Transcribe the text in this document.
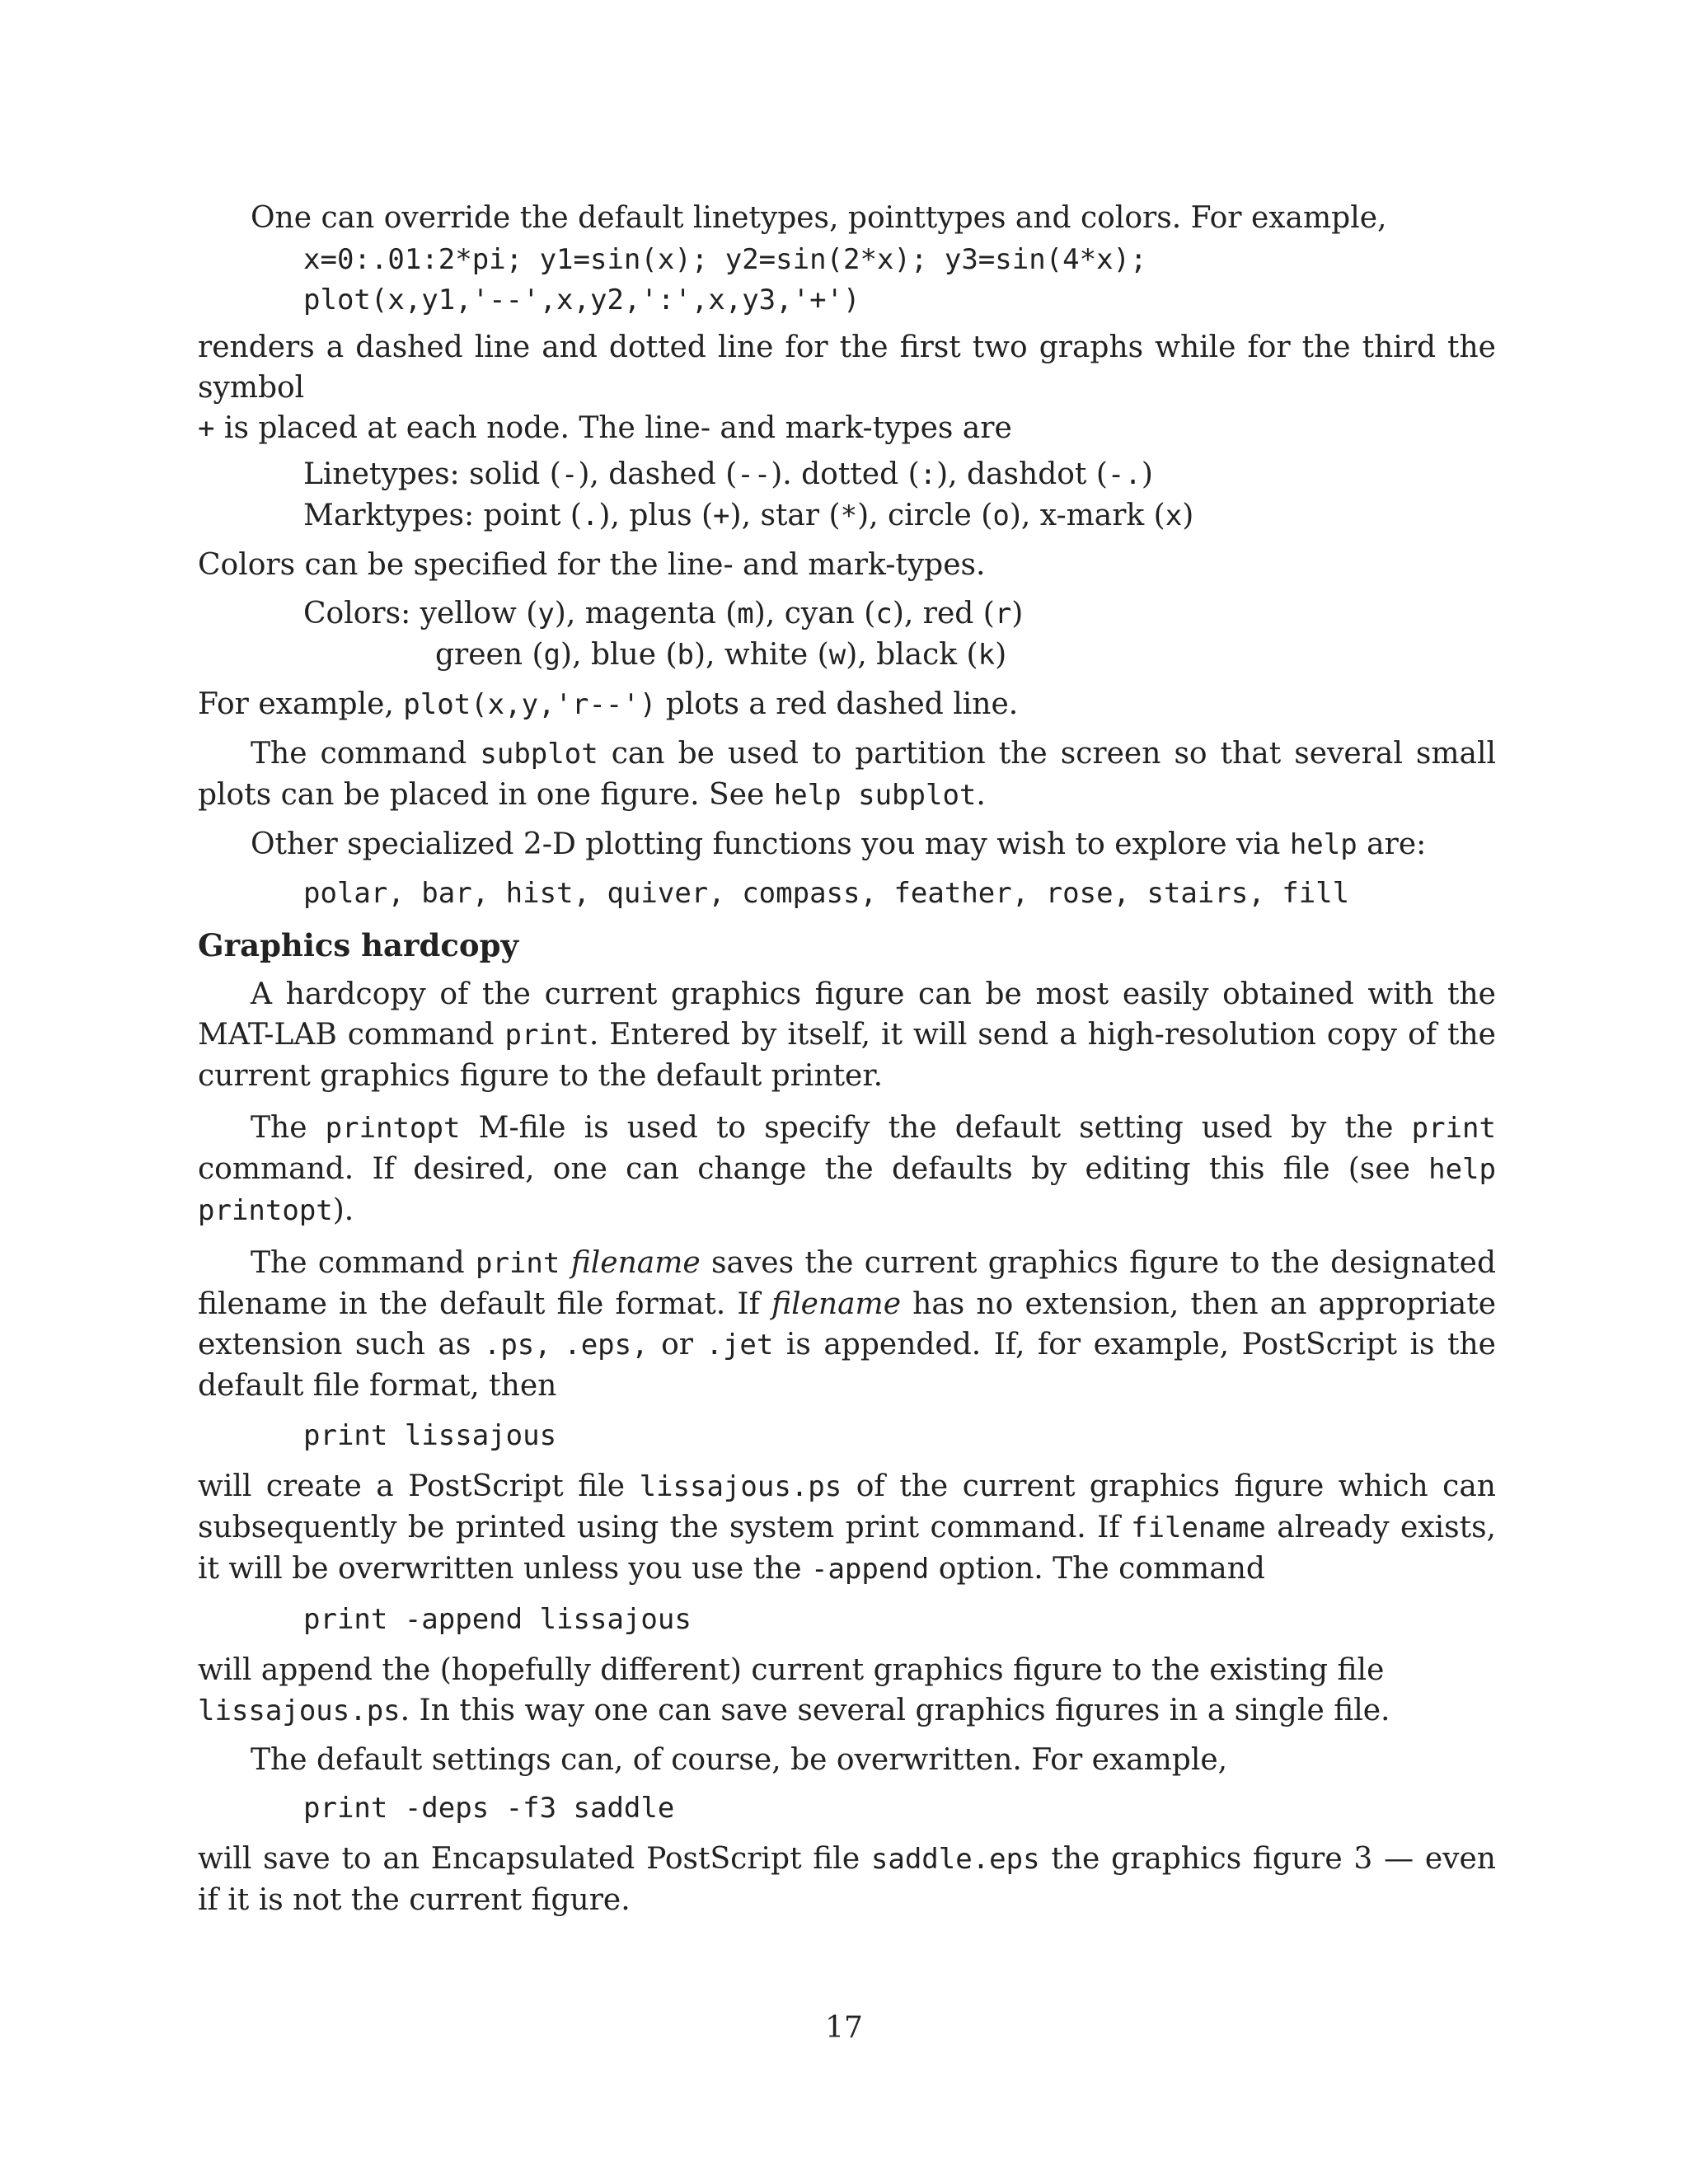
One can override the default linetypes, pointtypes and colors. For example,

x=0:.01:2*pi; y1=sin(x); y2=sin(2*x); y3=sin(4*x);
plot(x,y1,'--',x,y2,':',x,y3,'+')

renders a dashed line and dotted line for the first two graphs while for the third the symbol
+ is placed at each node. The line- and mark-types are

Linetypes: solid (-), dashed (--). dotted (:), dashdot (-.)
Marktypes: point (.), plus (+), star (*), circle (o), x-mark (x)

Colors can be specified for the line- and mark-types.

Colors: yellow (y), magenta (m), cyan (c), red (r)
green (g), blue (b), white (w), black (k)

For example, plot(x,y,'r--') plots a red dashed line.

The command subplot can be used to partition the screen so that several small plots can be placed in one figure. See help subplot.

Other specialized 2-D plotting functions you may wish to explore via help are:

polar, bar, hist, quiver, compass, feather, rose, stairs, fill
Graphics hardcopy

A hardcopy of the current graphics figure can be most easily obtained with the MAT-LAB command print. Entered by itself, it will send a high-resolution copy of the current graphics figure to the default printer.

The printopt M-file is used to specify the default setting used by the print command. If desired, one can change the defaults by editing this file (see help printopt).

The command print filename saves the current graphics figure to the designated filename in the default file format. If filename has no extension, then an appropriate extension such as .ps, .eps, or .jet is appended. If, for example, PostScript is the default file format, then

print lissajous

will create a PostScript file lissajous.ps of the current graphics figure which can subsequently be printed using the system print command. If filename already exists, it will be overwritten unless you use the -append option. The command

print -append lissajous

will append the (hopefully different) current graphics figure to the existing file
lissajous.ps. In this way one can save several graphics figures in a single file.

The default settings can, of course, be overwritten. For example,

print -deps -f3 saddle

will save to an Encapsulated PostScript file saddle.eps the graphics figure 3 — even if it is not the current figure.

17
